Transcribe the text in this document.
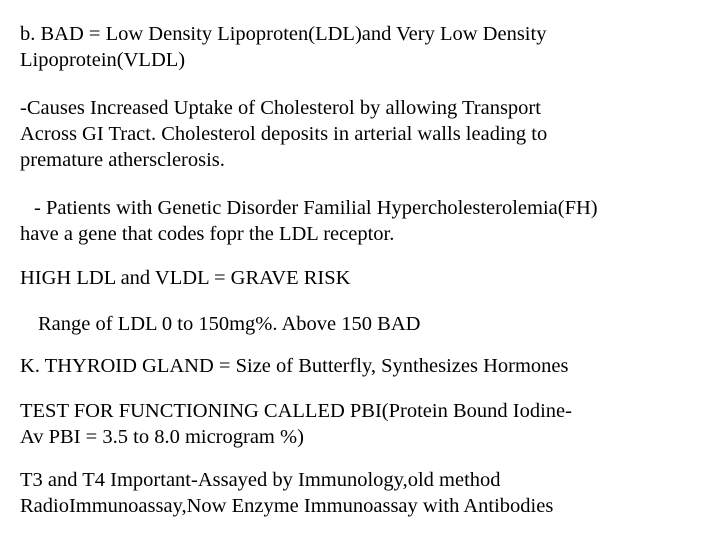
b. BAD = Low Density Lipoproten(LDL)and Very Low Density
Lipoprotein(VLDL)

-Causes Increased Uptake of Cholesterol by allowing Transport
Across GI Tract. Cholesterol deposits in arterial walls leading to
premature athersclerosis.

- Patients with Genetic Disorder Familial Hypercholesterolemia(FH)
have a gene that codes fopr the LDL receptor.

HIGH LDL and VLDL = GRAVE RISK

Range of LDL 0 to 150mg%. Above 150 BAD

K. THYROID GLAND = Size of Butterfly, Synthesizes Hormones

TEST FOR FUNCTIONING CALLED PBI(Protein Bound Iodine-
Av PBI = 3.5 to 8.0 microgram %)

T3 and T4 Important-Assayed by Immunology,old method
RadioImmunoassay,Now Enzyme Immunoassay with Antibodies
